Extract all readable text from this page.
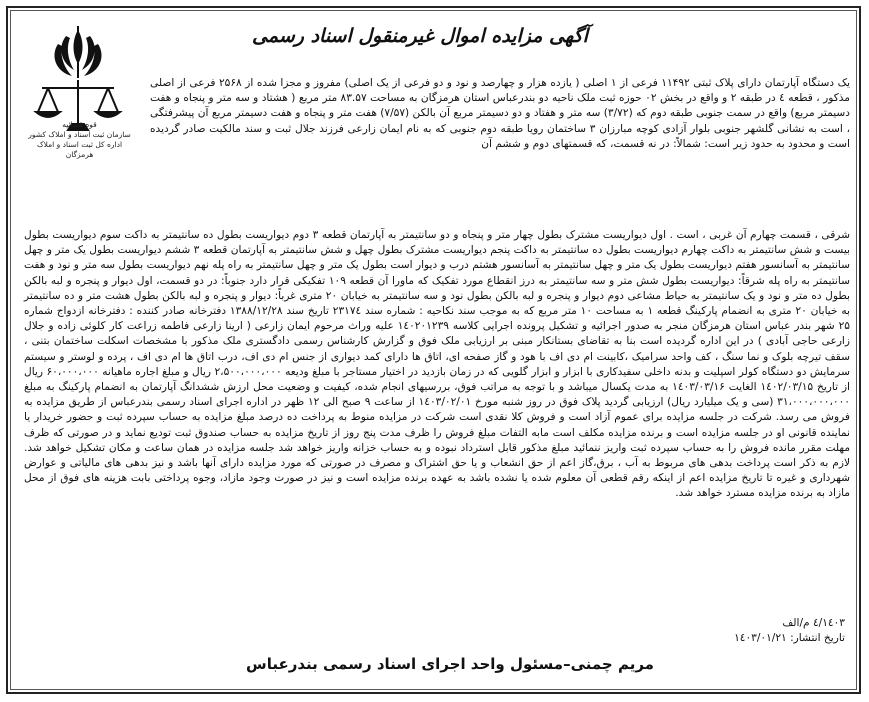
آگهی مزایده اموال غیرمنقول اسناد رسمی
قوه قضائیه
سازمان ثبت اسناد و املاک کشور
اداره کل ثبت اسناد و املاک هرمزگان
یک دستگاه آپارتمان دارای پلاک ثبتی ۱۱۴۹۲ فرعی از ۱ اصلی ( یازده هزار و چهارصد و نود و دو فرعی از یک اصلی) مفروز و مجزا شده از ۲۵۶۸ فرعی از اصلی مذکور ، قطعه ٤ در طبقه ۲ و واقع در بخش ۰۲ حوزه ثبت ملک ناحیه دو بندرعباس استان هرمزگان به مساحت ۸۳.۵۷ متر مربع ( هشتاد و سه متر و پنجاه و هفت دسیمتر مربع) واقع در سمت جنوبی طبقه دوم که (۳/۷۲) سه متر و هفتاد و دو دسیمتر مربع آن بالکن (۷/۵۷) هفت متر و پنجاه و هفت دسیمتر مربع آن پیشرفتگی ، است به نشانی گلشهر جنوبی بلوار آزادی کوچه مبارزان ۳ ساختمان رویا طبقه دوم جنوبی که به نام ایمان زارعی فرزند جلال ثبت و سند مالکیت صادر گردیده است و محدود به حدود زیر است: شمالاً: در نه قسمت، که قسمتهای دوم و ششم آن
شرقی ، قسمت چهارم آن غربی ، است . اول دیواریست مشترک بطول چهار متر و پنجاه و دو سانتیمتر به آپارتمان قطعه ۳ دوم دیواریست بطول ده سانتیمتر به داکت سوم دیواریست بطول بیست و شش سانتیمتر به داکت چهارم دیواریست بطول ده سانتیمتر به داکت پنجم دیواریست مشترک بطول چهل و شش سانتیمتر به آپارتمان قطعه ۳ ششم دیواریست بطول یک متر و چهل سانتیمتر به آسانسور هفتم دیواریست بطول یک متر و چهل سانتیمتر به آسانسور هشتم درب و دیوار است بطول یک متر و چهل سانتیمتر به راه پله نهم دیواریست بطول سه متر و نود و هفت سانتیمتر به راه پله شرقاً: دیواریست بطول شش متر و سه سانتیمتر به درز انقطاع مورد تفکیک که ماورا آن قطعه ۱۰۹ تفکیکی قرار دارد جنوباً: در دو قسمت، اول دیوار و پنجره و لبه بالکن بطول ده متر و نود و یک سانتیمتر به حیاط مشاعی دوم دیوار و پنجره و لبه بالکن بطول نود و سه سانتیمتر به خیابان ۲۰ متری غرباً: دیوار و پنجره و لبه بالکن بطول هشت متر و ده سانتیمتر به خیابان ۲۰ متری به انضمام پارکینگ قطعه ۱ به مساحت ۱۰ متر مربع که به موجب سند نکاحیه : شماره سند ۲۳۱۷٤ تاریخ سند ۱۳۸۸/۱۲/۲۸ دفترخانه صادر کننده : دفترخانه ازدواج شماره ۲۵ شهر بندر عباس استان هرمزگان منجر به صدور اجرائیه و تشکیل پرونده اجرایی کلاسه ۱٤۰۲۰۱۲۳۹ علیه وراث مرحوم ایمان زارعی ( ارینا زارعی فاطمه زراعت کار کلوئی زاده و جلال زارعی حاجی آبادی ) در این اداره گردیده است بنا به تقاضای بستانکار مبنی بر ارزیابی ملک فوق و گزارش کارشناس رسمی دادگستری ملک مذکور با مشخصات اسکلت ساختمان بتنی ، سقف تیرچه بلوک و نما سنگ ، کف واحد سرامیک ،کابینت ام دی اف با هود و گاز صفحه ای، اتاق ها دارای کمد دیواری از جنس ام دی اف، درب اتاق ها ام دی اف ، پرده و لوستر و سیستم سرمایش دو دستگاه کولر اسپلیت و بدنه داخلی سفیدکاری با ابزار و ابزار گلویی که در زمان بازدید در اختیار مستاجر با مبلغ ودیعه ۲،۵۰۰،۰۰۰،۰۰۰ ریال و مبلغ اجاره ماهیانه ۶۰،۰۰۰،۰۰۰ ریال از تاریخ ۱٤۰۲/۰۳/۱۵ الغایت ۱٤۰۳/۰۳/۱۶ به مدت یکسال میباشد و با توجه به مراتب فوق، بررسیهای انجام شده، کیفیت و وضعیت محل ارزش ششدانگ آپارتمان به انضمام پارکینگ به مبلغ ۳۱،۰۰۰،۰۰۰،۰۰۰ (سی و یک میلیارد ریال) ارزیابی گردید پلاک فوق در روز شنبه مورخ ۱٤۰۳/۰۲/۰۱ از ساعت ۹ صبح الی ۱۲ ظهر در اداره اجرای اسناد رسمی بندرعباس از طریق مزایده به فروش می رسد. شرکت در جلسه مزایده برای عموم آزاد است و فروش کلا نقدی است شرکت در مزایده منوط به پرداخت ده درصد مبلغ مزایده به حساب سپرده ثبت و حضور خریدار یا نماینده قانونی او در جلسه مزایده است و برنده مزایده مکلف است مابه التفات مبلغ فروش را ظرف مدت پنج روز از تاریخ مزایده به حساب صندوق ثبت تودیع نماید و در صورتی که ظرف مهلت مقرر مانده فروش را به حساب سپرده ثبت واریز ننمائید مبلغ مذکور قابل استرداد نبوده و به حساب خزانه واریز خواهد شد جلسه مزایده در همان ساعت و مکان تشکیل خواهد شد. لازم به ذکر است پرداخت بدهی های مربوط به آب ، برق،گاز اعم از حق انشعاب و یا حق اشتراک و مصرف در صورتی که مورد مزایده دارای آنها باشد و نیز بدهی های مالیاتی و عوارض شهرداری و غیره تا تاریخ مزایده اعم از اینکه رقم قطعی آن معلوم شده یا نشده باشد به عهده برنده مزایده است و نیز در صورت وجود مازاد، وجوه پرداختی بابت هزینه های فوق از محل مازاد به برنده مزایده مسترد خواهد شد.
۱٤۰۳/٤ م/الف
تاریخ انتشار: ۱٤۰۳/۰۱/۲۱
مریم چمنی–مسئول واحد اجرای اسناد رسمی بندرعباس
